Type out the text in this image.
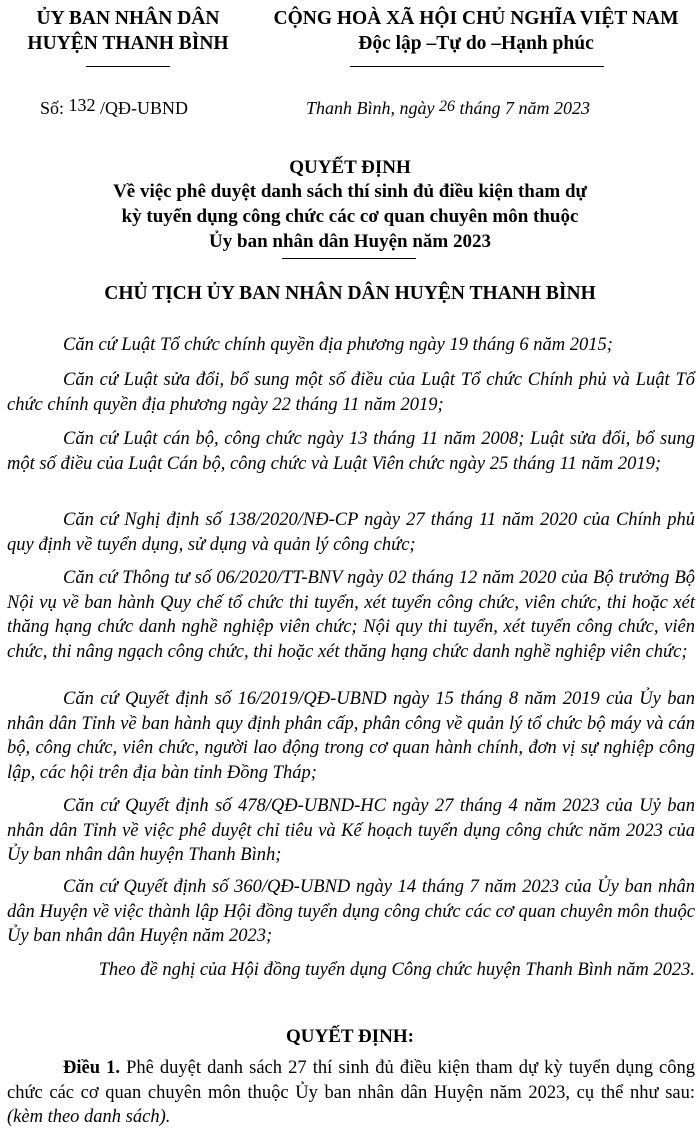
ỦY BAN NHÂN DÂN
HUYỆN THANH BÌNH
CỘNG HOÀ XÃ HỘI CHỦ NGHĨA VIỆT NAM
Độc lập –Tự do –Hạnh phúc
Số: 132 /QĐ-UBND	Thanh Bình, ngày 26 tháng 7 năm 2023
QUYẾT ĐỊNH
Về việc phê duyệt danh sách thí sinh đủ điều kiện tham dự
kỳ tuyển dụng công chức các cơ quan chuyên môn thuộc
Ủy ban nhân dân Huyện năm 2023
CHỦ TỊCH ỦY BAN NHÂN DÂN HUYỆN THANH BÌNH

Căn cứ Luật Tổ chức chính quyền địa phương ngày 19 tháng 6 năm 2015;

Căn cứ Luật sửa đổi, bổ sung một số điều của Luật Tổ chức Chính phủ và Luật Tổ chức chính quyền địa phương ngày 22 tháng 11 năm 2019;

Căn cứ Luật cán bộ, công chức ngày 13 tháng 11 năm 2008; Luật sửa đổi, bổ sung một số điều của Luật Cán bộ, công chức và Luật Viên chức ngày 25 tháng 11 năm 2019;

Căn cứ Nghị định số 138/2020/NĐ-CP ngày 27 tháng 11 năm 2020 của Chính phủ quy định về tuyển dụng, sử dụng và quản lý công chức;

Căn cứ Thông tư số 06/2020/TT-BNV ngày 02 tháng 12 năm 2020 của Bộ trưởng Bộ Nội vụ về ban hành Quy chế tổ chức thi tuyển, xét tuyển công chức, viên chức, thi hoặc xét thăng hạng chức danh nghề nghiệp viên chức; Nội quy thi tuyển, xét tuyển công chức, viên chức, thi nâng ngạch công chức, thi hoặc xét thăng hạng chức danh nghề nghiệp viên chức;

Căn cứ Quyết định số 16/2019/QĐ-UBND ngày 15 tháng 8 năm 2019 của Ủy ban nhân dân Tỉnh về ban hành quy định phân cấp, phân công về quản lý tổ chức bộ máy và cán bộ, công chức, viên chức, người lao động trong cơ quan hành chính, đơn vị sự nghiệp công lập, các hội trên địa bàn tỉnh Đồng Tháp;

Căn cứ Quyết định số 478/QĐ-UBND-HC ngày 27 tháng 4 năm 2023 của Uỷ ban nhân dân Tỉnh về việc phê duyệt chỉ tiêu và Kế hoạch tuyển dụng công chức năm 2023 của Ủy ban nhân dân huyện Thanh Bình;

Căn cứ Quyết định số 360/QĐ-UBND ngày 14 tháng 7 năm 2023 của Ủy ban nhân dân Huyện về việc thành lập Hội đồng tuyển dụng công chức các cơ quan chuyên môn thuộc Ủy ban nhân dân Huyện năm 2023;

Theo đề nghị của Hội đồng tuyển dụng Công chức huyện Thanh Bình năm 2023.

QUYẾT ĐỊNH:

Điều 1. Phê duyệt danh sách 27 thí sinh đủ điều kiện tham dự kỳ tuyển dụng công chức các cơ quan chuyên môn thuộc Ủy ban nhân dân Huyện năm 2023, cụ thể như sau: (kèm theo danh sách).
